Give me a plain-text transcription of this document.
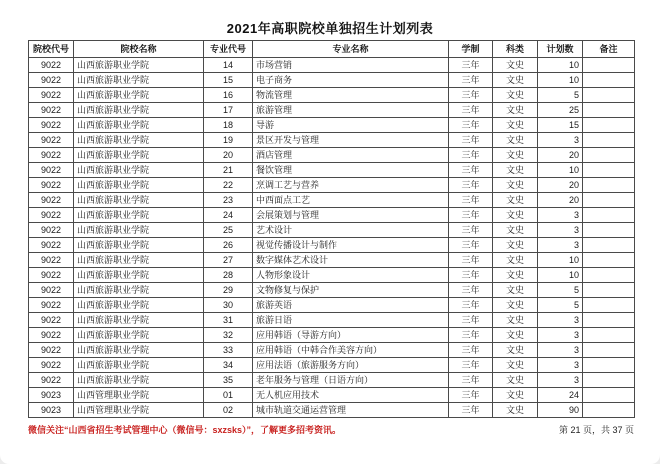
2021年高职院校单独招生计划列表
院校代号	院校名称	专业代号	专业名称	学制	科类	计划数	备注
9022	山西旅游职业学院	14	市场营销	三年	文史	10	
9022	山西旅游职业学院	15	电子商务	三年	文史	10	
9022	山西旅游职业学院	16	物流管理	三年	文史	5	
9022	山西旅游职业学院	17	旅游管理	三年	文史	25	
9022	山西旅游职业学院	18	导游	三年	文史	15	
9022	山西旅游职业学院	19	景区开发与管理	三年	文史	3	
9022	山西旅游职业学院	20	酒店管理	三年	文史	20	
9022	山西旅游职业学院	21	餐饮管理	三年	文史	10	
9022	山西旅游职业学院	22	烹调工艺与营养	三年	文史	20	
9022	山西旅游职业学院	23	中西面点工艺	三年	文史	20	
9022	山西旅游职业学院	24	会展策划与管理	三年	文史	3	
9022	山西旅游职业学院	25	艺术设计	三年	文史	3	
9022	山西旅游职业学院	26	视觉传播设计与制作	三年	文史	3	
9022	山西旅游职业学院	27	数字媒体艺术设计	三年	文史	10	
9022	山西旅游职业学院	28	人物形象设计	三年	文史	10	
9022	山西旅游职业学院	29	文物修复与保护	三年	文史	5	
9022	山西旅游职业学院	30	旅游英语	三年	文史	5	
9022	山西旅游职业学院	31	旅游日语	三年	文史	3	
9022	山西旅游职业学院	32	应用韩语（导游方向）	三年	文史	3	
9022	山西旅游职业学院	33	应用韩语（中韩合作美容方向）	三年	文史	3	
9022	山西旅游职业学院	34	应用法语（旅游服务方向）	三年	文史	3	
9022	山西旅游职业学院	35	老年服务与管理（日语方向）	三年	文史	3	
9023	山西管理职业学院	01	无人机应用技术	三年	文史	24	
9023	山西管理职业学院	02	城市轨道交通运营管理	三年	文史	90	
微信关注“山西省招生考试管理中心（微信号：sxzsks）”，了解更多招考资讯。	第 21 页，共 37 页
